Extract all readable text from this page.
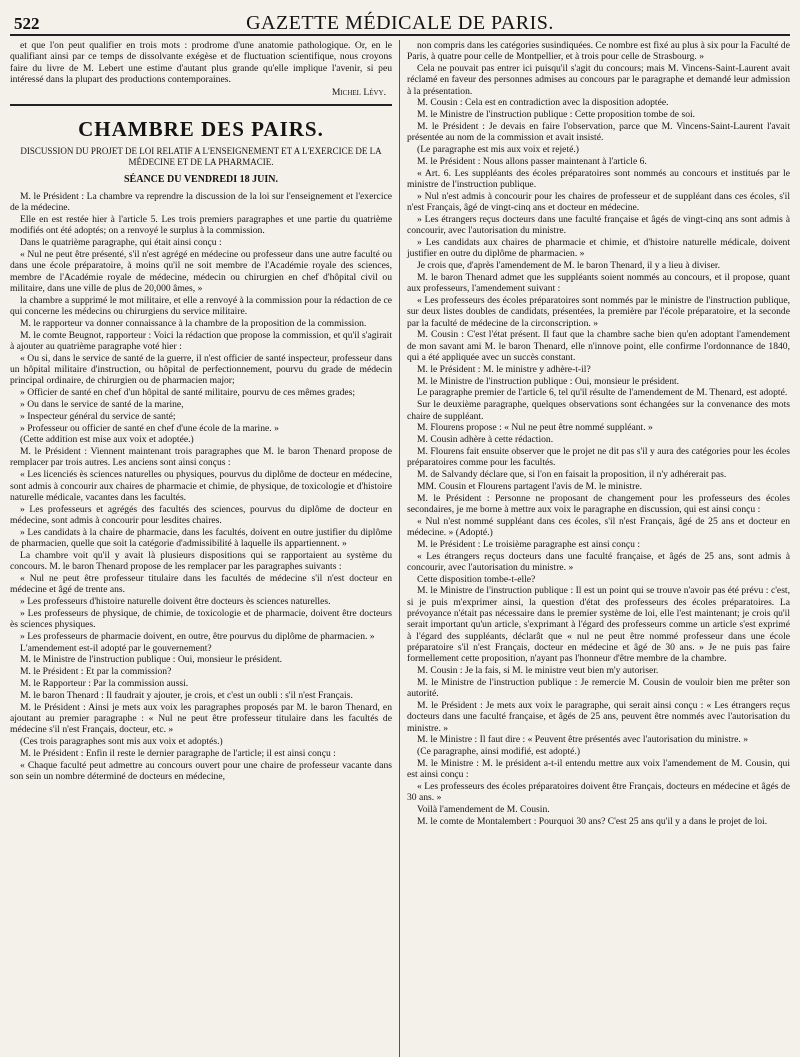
522	GAZETTE MÉDICALE DE PARIS.

et que l'on peut qualifier en trois mots : prodrome d'une anatomie pathologique. Or, en le qualifiant ainsi par ce temps de dissolvante exégèse et de fluctuation scientifique, nous croyons faire du livre de M. Lebert une estime d'autant plus grande qu'elle implique l'avenir, si peu intéressé dans la plupart des productions contemporaines.

Michel Lévy.
CHAMBRE DES PAIRS.
DISCUSSION DU PROJET DE LOI RELATIF A L'ENSEIGNEMENT ET A L'EXERCICE DE LA MÉDECINE ET DE LA PHARMACIE.
SÉANCE DU VENDREDI 18 JUIN.

M. le Président : La chambre va reprendre la discussion de la loi sur l'enseignement et l'exercice de la médecine.

Elle en est restée hier à l'article 5. Les trois premiers paragraphes et une partie du quatrième modifiés ont été adoptés; on a renvoyé le surplus à la commission.

Dans le quatrième paragraphe, qui était ainsi conçu :

« Nul ne peut être présenté, s'il n'est agrégé en médecine ou professeur dans une autre faculté ou dans une école préparatoire, à moins qu'il ne soit membre de l'Académie royale des sciences, membre de l'Académie royale de médecine, médecin ou chirurgien en chef d'hôpital civil ou militaire, dans une ville de plus de 20,000 âmes, »

la chambre a supprimé le mot militaire, et elle a renvoyé à la commission pour la rédaction de ce qui concerne les médecins ou chirurgiens du service militaire.

M. le rapporteur va donner connaissance à la chambre de la proposition de la commission.

M. le comte Beugnot, rapporteur : Voici la rédaction que propose la commission, et qu'il s'agirait à ajouter au quatrième paragraphe voté hier :

« Ou si, dans le service de santé de la guerre, il n'est officier de santé inspecteur, professeur dans un hôpital militaire d'instruction, ou hôpital de perfectionnement, pourvu du grade de médecin principal ordinaire, de chirurgien ou de pharmacien major;

» Officier de santé en chef d'un hôpital de santé militaire, pourvu de ces mêmes grades;

» Ou dans le service de santé de la marine,

» Inspecteur général du service de santé;

» Professeur ou officier de santé en chef d'une école de la marine. »

(Cette addition est mise aux voix et adoptée.)

M. le Président : Viennent maintenant trois paragraphes que M. le baron Thenard propose de remplacer par trois autres. Les anciens sont ainsi conçus :

« Les licenciés ès sciences naturelles ou physiques, pourvus du diplôme de docteur en médecine, sont admis à concourir aux chaires de pharmacie et chimie, de physique, de toxicologie et d'histoire naturelle médicale, vacantes dans les facultés.

» Les professeurs et agrégés des facultés des sciences, pourvus du diplôme de docteur en médecine, sont admis à concourir pour lesdites chaires.

» Les candidats à la chaire de pharmacie, dans les facultés, doivent en outre justifier du diplôme de pharmacien, quelle que soit la catégorie d'admissibilité à laquelle ils appartiennent. »

La chambre voit qu'il y avait là plusieurs dispositions qui se rapportaient au système du concours. M. le baron Thenard propose de les remplacer par les paragraphes suivants :

« Nul ne peut être professeur titulaire dans les facultés de médecine s'il n'est docteur en médecine et âgé de trente ans.

» Les professeurs d'histoire naturelle doivent être docteurs ès sciences naturelles.

» Les professeurs de physique, de chimie, de toxicologie et de pharmacie, doivent être docteurs ès sciences physiques.

» Les professeurs de pharmacie doivent, en outre, être pourvus du diplôme de pharmacien. »

L'amendement est-il adopté par le gouvernement?

M. le Ministre de l'instruction publique : Oui, monsieur le président.

M. le Président : Et par la commission?

M. le Rapporteur : Par la commission aussi.

M. le baron Thenard : Il faudrait y ajouter, je crois, et c'est un oubli : s'il n'est Français.

M. le Président : Ainsi je mets aux voix les paragraphes proposés par M. le baron Thenard, en ajoutant au premier paragraphe : « Nul ne peut être professeur titulaire dans les facultés de médecine s'il n'est Français, docteur, etc. »

(Ces trois paragraphes sont mis aux voix et adoptés.)

M. le Président : Enfin il reste le dernier paragraphe de l'article; il est ainsi conçu :

« Chaque faculté peut admettre au concours ouvert pour une chaire de professeur vacante dans son sein un nombre déterminé de docteurs en médecine,

non compris dans les catégories susindiquées. Ce nombre est fixé au plus à six pour la Faculté de Paris, à quatre pour celle de Montpellier, et à trois pour celle de Strasbourg. »

Cela ne pouvait pas entrer ici puisqu'il s'agit du concours; mais M. Vincens-Saint-Laurent avait réclamé en faveur des personnes admises au concours par le paragraphe et demandé leur admission à la présentation.

M. Cousin : Cela est en contradiction avec la disposition adoptée.

M. le Ministre de l'instruction publique : Cette proposition tombe de soi.

M. le Président : Je devais en faire l'observation, parce que M. Vincens-Saint-Laurent l'avait présentée au nom de la commission et avait insisté.

(Le paragraphe est mis aux voix et rejeté.)

M. le Président : Nous allons passer maintenant à l'article 6.

« Art. 6. Les suppléants des écoles préparatoires sont nommés au concours et institués par le ministre de l'instruction publique.

» Nul n'est admis à concourir pour les chaires de professeur et de suppléant dans ces écoles, s'il n'est Français, âgé de vingt-cinq ans et docteur en médecine.

» Les étrangers reçus docteurs dans une faculté française et âgés de vingt-cinq ans sont admis à concourir, avec l'autorisation du ministre.

» Les candidats aux chaires de pharmacie et chimie, et d'histoire naturelle médicale, doivent justifier en outre du diplôme de pharmacien. »

Je crois que, d'après l'amendement de M. le baron Thenard, il y a lieu à diviser.

M. le baron Thenard admet que les suppléants soient nommés au concours, et il propose, quant aux professeurs, l'amendement suivant :

« Les professeurs des écoles préparatoires sont nommés par le ministre de l'instruction publique, sur deux listes doubles de candidats, présentées, la première par l'école préparatoire, et la seconde par la faculté de médecine de la circonscription. »

M. Cousin : C'est l'état présent. Il faut que la chambre sache bien qu'en adoptant l'amendement de mon savant ami M. le baron Thenard, elle n'innove point, elle confirme l'ordonnance de 1840, qui a été appliquée avec un succès constant.

M. le Président : M. le ministre y adhère-t-il?

M. le Ministre de l'instruction publique : Oui, monsieur le président.

Le paragraphe premier de l'article 6, tel qu'il résulte de l'amendement de M. Thenard, est adopté.

Sur le deuxième paragraphe, quelques observations sont échangées sur la convenance des mots chaire de suppléant.

M. Flourens propose : « Nul ne peut être nommé suppléant. »

M. Cousin adhère à cette rédaction.

M. Flourens fait ensuite observer que le projet ne dit pas s'il y aura des catégories pour les écoles préparatoires comme pour les facultés.

M. de Salvandy déclare que, si l'on en faisait la proposition, il n'y adhérerait pas.

MM. Cousin et Flourens partagent l'avis de M. le ministre.

M. le Président : Personne ne proposant de changement pour les professeurs des écoles secondaires, je me borne à mettre aux voix le paragraphe en discussion, qui est ainsi conçu :

« Nul n'est nommé suppléant dans ces écoles, s'il n'est Français, âgé de 25 ans et docteur en médecine. » (Adopté.)

M. le Président : Le troisième paragraphe est ainsi conçu :

« Les étrangers reçus docteurs dans une faculté française, et âgés de 25 ans, sont admis à concourir, avec l'autorisation du ministre. »

Cette disposition tombe-t-elle?

M. le Ministre de l'instruction publique : Il est un point qui se trouve n'avoir pas été prévu : c'est, si je puis m'exprimer ainsi, la question d'état des professeurs des écoles préparatoires. La prévoyance n'était pas nécessaire dans le premier système de loi, elle l'est maintenant; je crois qu'il serait important qu'un article, s'exprimant à l'égard des professeurs comme un article s'est exprimé à l'égard des suppléants, déclarât que « nul ne peut être nommé professeur dans une école préparatoire s'il n'est Français, docteur en médecine et âgé de 30 ans. » Je ne puis pas faire formellement cette proposition, n'ayant pas l'honneur d'être membre de la chambre.

M. Cousin : Je la fais, si M. le ministre veut bien m'y autoriser.

M. le Ministre de l'instruction publique : Je remercie M. Cousin de vouloir bien me prêter son autorité.

M. le Président : Je mets aux voix le paragraphe, qui serait ainsi conçu : « Les étrangers reçus docteurs dans une faculté française, et âgés de 25 ans, peuvent être nommés avec l'autorisation du ministre. »

M. le Ministre : Il faut dire : « Peuvent être présentés avec l'autorisation du ministre. »

(Ce paragraphe, ainsi modifié, est adopté.)

M. le Ministre : M. le président a-t-il entendu mettre aux voix l'amendement de M. Cousin, qui est ainsi conçu :

« Les professeurs des écoles préparatoires doivent être Français, docteurs en médecine et âgés de 30 ans. »

Voilà l'amendement de M. Cousin.

M. le comte de Montalembert : Pourquoi 30 ans? C'est 25 ans qu'il y a dans le projet de loi.
